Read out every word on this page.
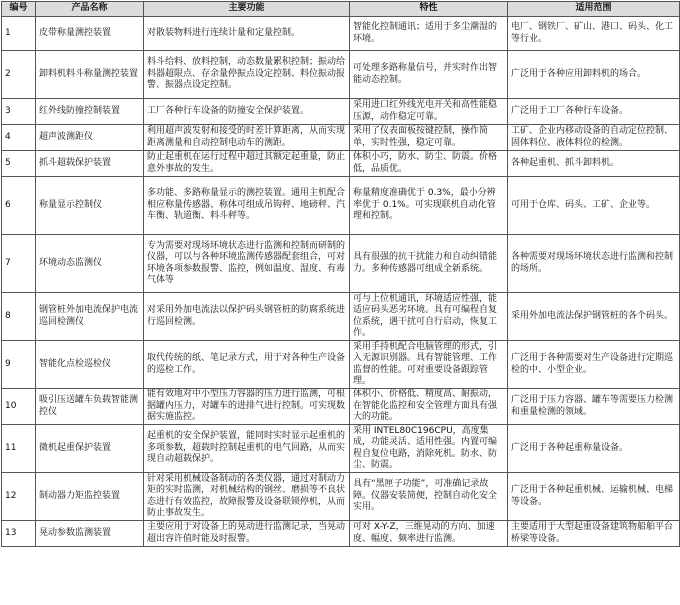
编号	产品名称	主要功能	特性	适用范围
1	皮带称量测控装置	对散装物料进行连续计量和定量控制。	智能化控制通讯；适用于多尘潮湿的环境。	电厂、钢铁厂、矿山、港口、码头、化工等行业。
2	卸料机料斗称量测控装置	料斗给料、放料控制，动态数量累积控制；振动给料器超限点、存余量停振点设定控制、料位振动报警、振器点设定控制。	可处理多路称量信号，并实时作出智能动态控制。	广泛用于各种应用卸料机的场合。
3	红外线防撞控制装置	工厂各种行车设备的防撞安全保护装置。	采用进口红外线光电开关和高性能稳压源，动作稳定可靠。	广泛用于工厂各种行车设备。
4	超声波测距仪	利用超声波发射和接受的时差计算距离，从而实现距离测量和自动控制电动车的测距。	采用了仪表面板按键控制，操作简单，实时性强，稳定可靠。	工矿、企业内移动设备的自动定位控制、固体料位、液体料位的检测。
5	抓斗超载保护装置	防止起重机在运行过程中超过其额定起重量，防止意外事故的发生。	体积小巧，防水、防尘、防震。价格低，品质优。	各种起重机、抓斗卸料机。
6	称量显示控制仪	多功能、多路称量显示的测控装置。通用主机配合相应称量传感器、称体可组成吊钩秤、地磅秤、汽车衡、轨道衡、料斗秤等。	称量精度准确优于 0.3%，最小分辨率优于 0.1%。可实现联机自动化管理和控制。	可用于仓库、码头、工矿、企业等。
7	环境动态监测仪	专为需要对现场环境状态进行监测和控制而研制的仪器，可以与各种环境监测传感器配套组合，可对环境各项参数报警、监控，例如温度、湿度、有毒气体等	具有很强的抗干扰能力和自动纠错能力。多种传感器可组成全新系统。	各种需要对现场环境状态进行监测和控制的场所。
8	钢管桩外加电流保护电流巡回检测仪	对采用外加电流法以保护码头钢管桩的防腐系统进行巡回检测。	可与上位机通讯，环境适应性强，能适应码头恶劣环境。具有可编程自复位系统，遇干扰可自行启动，恢复工作。	采用外加电流法保护钢管桩的各个码头。
9	智能化点检巡检仪	取代传统的纸、笔记录方式，用于对各种生产设备的巡检工作。	采用手持机配合电脑管理的形式，引入无源识别器。具有智能管理、工作监督的性能。可对重要设备跟踪管理。	广泛用于各种需要对生产设备进行定期巡检的中、小型企业。
10	吸引压送罐车负载智能测控仪	能有效地对中小型压力容器的压力进行监测，可根据罐内压力，对罐车的进排气进行控制。可实现数据实施监控。	体积小、价格低、精度高、耐振动，在智能化监控和安全管理方面具有强大的功能。	广泛用于压力容器、罐车等需要压力检测和重量检测的领域。
11	微机起重保护装置	起重机的安全保护装置，能同时实时显示起重机的多项参数，超载时控制起重机的电气回路，从而实现自动超载保护。	采用 INTEL80C196CPU，高度集成，功能灵活、适用性强。内置可编程自复位电路，消除死机。防水、防尘、防震。	广泛用于各种起重称量设备。
12	制动器力矩监控装置	针对采用机械设备制动的各类仪器，通过对制动力矩的实时监测，对机械结构的钢丝、磨损等不良状态进行有效监控，故障报警及设备联锁停机，从而防止事故发生。	具有“黑匣子功能”，可准确记录故障。仪器安装简便，控制自动化安全实用。	广泛用于各种起重机械、运输机械、电梯等设备。
13	晃动参数监测装置	主要应用于对设备上的晃动进行监测记录，当晃动超出容许值时能及时报警。	可对 X-Y-Z，三维晃动的方向、加速度、幅度、频率进行监测。	主要适用于大型起重设备建筑物船舶平台桥梁等设备。
